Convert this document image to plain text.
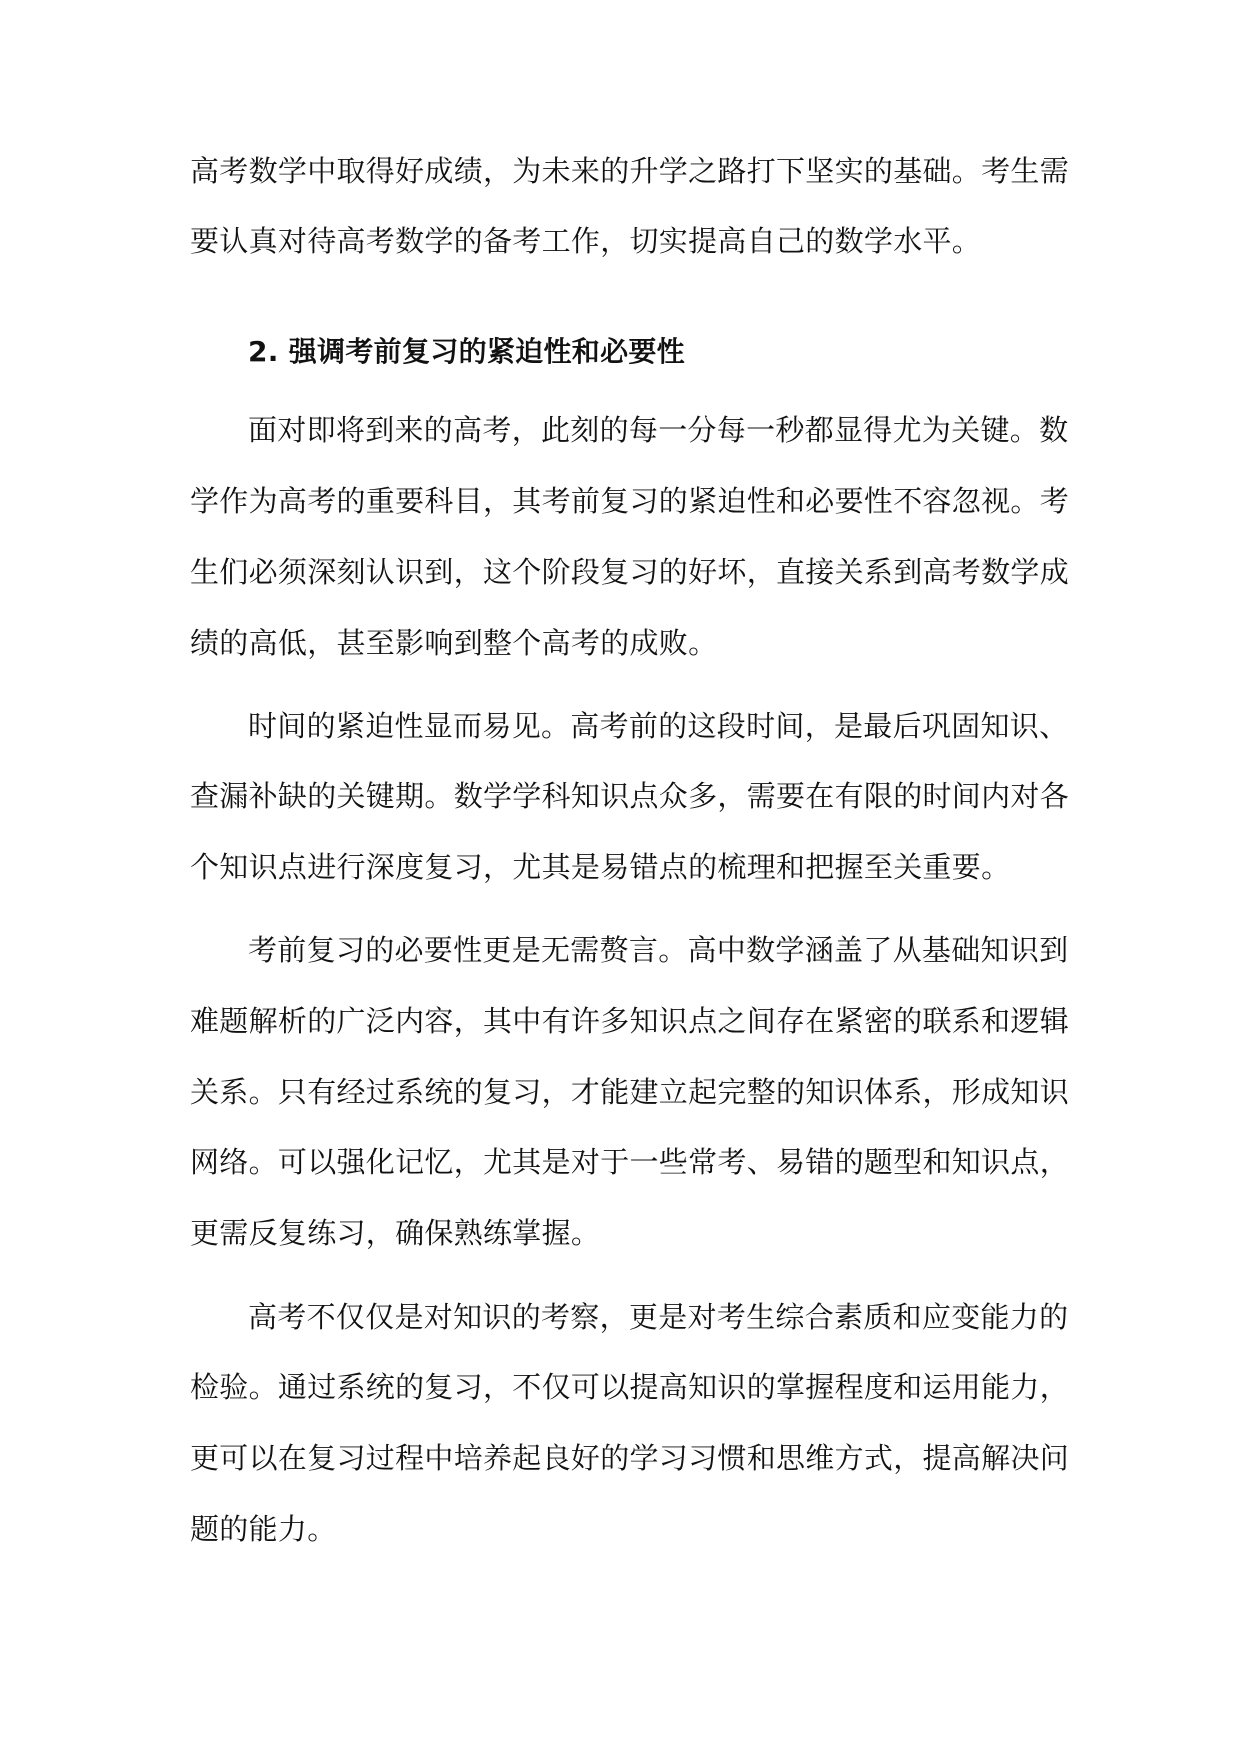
高考数学中取得好成绩，为未来的升学之路打下坚实的基础。考生需
要认真对待高考数学的备考工作，切实提高自己的数学水平。
2. 强调考前复习的紧迫性和必要性
面对即将到来的高考，此刻的每一分每一秒都显得尤为关键。数
学作为高考的重要科目，其考前复习的紧迫性和必要性不容忽视。考
生们必须深刻认识到，这个阶段复习的好坏，直接关系到高考数学成
绩的高低，甚至影响到整个高考的成败。
时间的紧迫性显而易见。高考前的这段时间，是最后巩固知识、
查漏补缺的关键期。数学学科知识点众多，需要在有限的时间内对各
个知识点进行深度复习，尤其是易错点的梳理和把握至关重要。
考前复习的必要性更是无需赘言。高中数学涵盖了从基础知识到
难题解析的广泛内容，其中有许多知识点之间存在紧密的联系和逻辑
关系。只有经过系统的复习，才能建立起完整的知识体系，形成知识
网络。可以强化记忆，尤其是对于一些常考、易错的题型和知识点，
更需反复练习，确保熟练掌握。
高考不仅仅是对知识的考察，更是对考生综合素质和应变能力的
检验。通过系统的复习，不仅可以提高知识的掌握程度和运用能力，
更可以在复习过程中培养起良好的学习习惯和思维方式，提高解决问
题的能力。
